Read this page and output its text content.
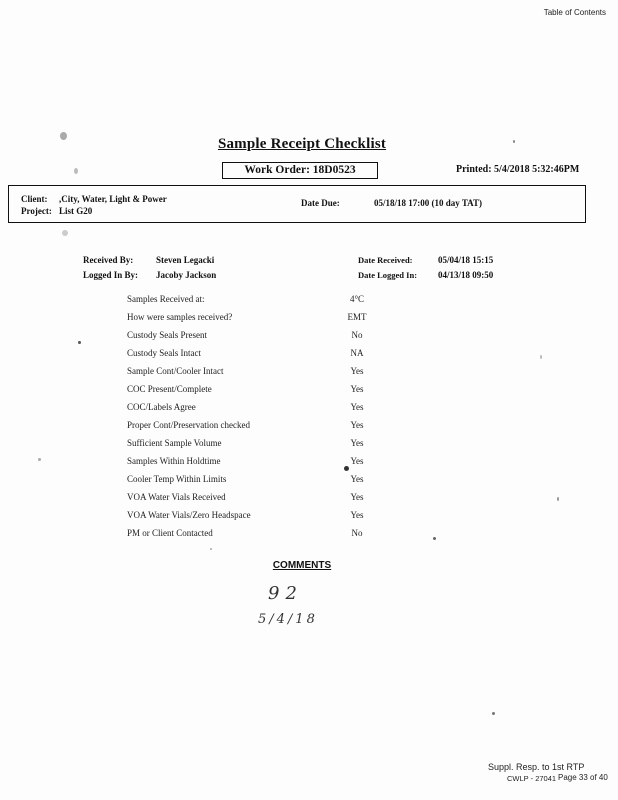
Table of Contents
Sample Receipt Checklist
Work Order: 18D0523	Printed: 5/4/2018 5:32:46PM
Client: ,City, Water, Light & Power
Project: List G20
Date Due:	05/18/18 17:00 (10 day TAT)
Received By:	Steven Legacki
Logged In By: Jacoby Jackson
Date Received:	05/04/18 15:15
Date Logged In: 04/13/18 09:50
Samples Received at:	4°C
How were samples received?	EMT
Custody Seals Present	No
Custody Seals Intact	NA
Sample Cont/Cooler Intact	Yes
COC Present/Complete	Yes
COC/Labels Agree	Yes
Proper Cont/Preservation checked	Yes
Sufficient Sample Volume	Yes
Samples Within Holdtime	Yes
Cooler Temp Within Limits	Yes
VOA Water Vials Received	Yes
VOA Water Vials/Zero Headspace	Yes
PM or Client Contacted	No
COMMENTS
92
5/4/18
Suppl. Resp. to 1st RTP
CWLP - 27041 Page 33 of 40
